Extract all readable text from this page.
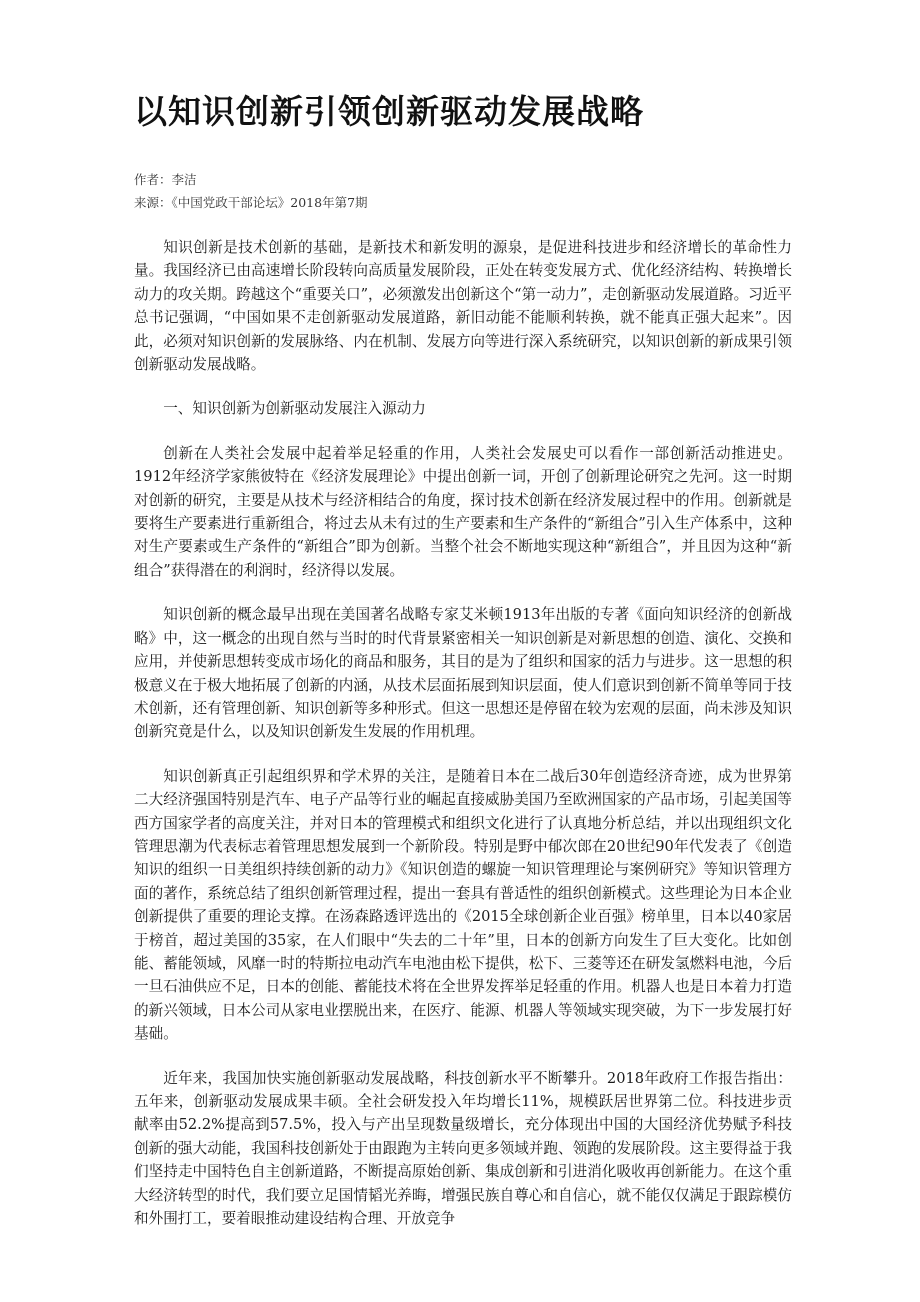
以知识创新引领创新驱动发展战略
作者：李洁
来源：《中国党政干部论坛》2018年第7期

知识创新是技术创新的基础，是新技术和新发明的源泉，是促进科技进步和经济增长的革命性力量。我国经济已由高速增长阶段转向高质量发展阶段，正处在转变发展方式、优化经济结构、转换增长动力的攻关期。跨越这个“重要关口”，必须激发出创新这个“第一动力”，走创新驱动发展道路。习近平总书记强调，“中国如果不走创新驱动发展道路，新旧动能不能顺利转换，就不能真正强大起来”。因此，必须对知识创新的发展脉络、内在机制、发展方向等进行深入系统研究，以知识创新的新成果引领创新驱动发展战略。

一、知识创新为创新驱动发展注入源动力

创新在人类社会发展中起着举足轻重的作用，人类社会发展史可以看作一部创新活动推进史。1912年经济学家熊彼特在《经济发展理论》中提出创新一词，开创了创新理论研究之先河。这一时期对创新的研究，主要是从技术与经济相结合的角度，探讨技术创新在经济发展过程中的作用。创新就是要将生产要素进行重新组合，将过去从未有过的生产要素和生产条件的“新组合”引入生产体系中，这种对生产要素或生产条件的“新组合”即为创新。当整个社会不断地实现这种“新组合”，并且因为这种“新组合”获得潜在的利润时，经济得以发展。

知识创新的概念最早出现在美国著名战略专家艾米顿1913年出版的专著《面向知识经济的创新战略》中，这一概念的出现自然与当时的时代背景紧密相关一知识创新是对新思想的创造、演化、交换和应用，并使新思想转变成市场化的商品和服务，其目的是为了组织和国家的活力与进步。这一思想的积极意义在于极大地拓展了创新的内涵，从技术层面拓展到知识层面，使人们意识到创新不简单等同于技术创新，还有管理创新、知识创新等多种形式。但这一思想还是停留在较为宏观的层面，尚未涉及知识创新究竟是什么，以及知识创新发生发展的作用机理。

知识创新真正引起组织界和学术界的关注，是随着日本在二战后30年创造经济奇迹，成为世界第二大经济强国特别是汽车、电子产品等行业的崛起直接威胁美国乃至欧洲国家的产品市场，引起美国等西方国家学者的高度关注，并对日本的管理模式和组织文化进行了认真地分析总结，并以出现组织文化管理思潮为代表标志着管理思想发展到一个新阶段。特别是野中郁次郎在20世纪90年代发表了《创造知识的组织一日美组织持续创新的动力》《知识创造的螺旋一知识管理理论与案例研究》等知识管理方面的著作，系统总结了组织创新管理过程，提出一套具有普适性的组织创新模式。这些理论为日本企业创新提供了重要的理论支撑。在汤森路透评选出的《2015全球创新企业百强》榜单里，日本以40家居于榜首，超过美国的35家，在人们眼中“失去的二十年”里，日本的创新方向发生了巨大变化。比如创能、蓄能领域，风靡一时的特斯拉电动汽车电池由松下提供，松下、三菱等还在研发氢燃料电池，今后一旦石油供应不足，日本的创能、蓄能技术将在全世界发挥举足轻重的作用。机器人也是日本着力打造的新兴领域，日本公司从家电业摆脱出来，在医疗、能源、机器人等领域实现突破，为下一步发展打好基础。

近年来，我国加快实施创新驱动发展战略，科技创新水平不断攀升。2018年政府工作报告指出：五年来，创新驱动发展成果丰硕。全社会研发投入年均增长11%，规模跃居世界第二位。科技进步贡献率由52.2%提高到57.5%，投入与产出呈现数量级增长，充分体现出中国的大国经济优势赋予科技创新的强大动能，我国科技创新处于由跟跑为主转向更多领域并跑、领跑的发展阶段。这主要得益于我们坚持走中国特色自主创新道路，不断提高原始创新、集成创新和引进消化吸收再创新能力。在这个重大经济转型的时代，我们要立足国情韬光养晦，增强民族自尊心和自信心，就不能仅仅满足于跟踪模仿和外围打工，要着眼推动建设结构合理、开放竞争
